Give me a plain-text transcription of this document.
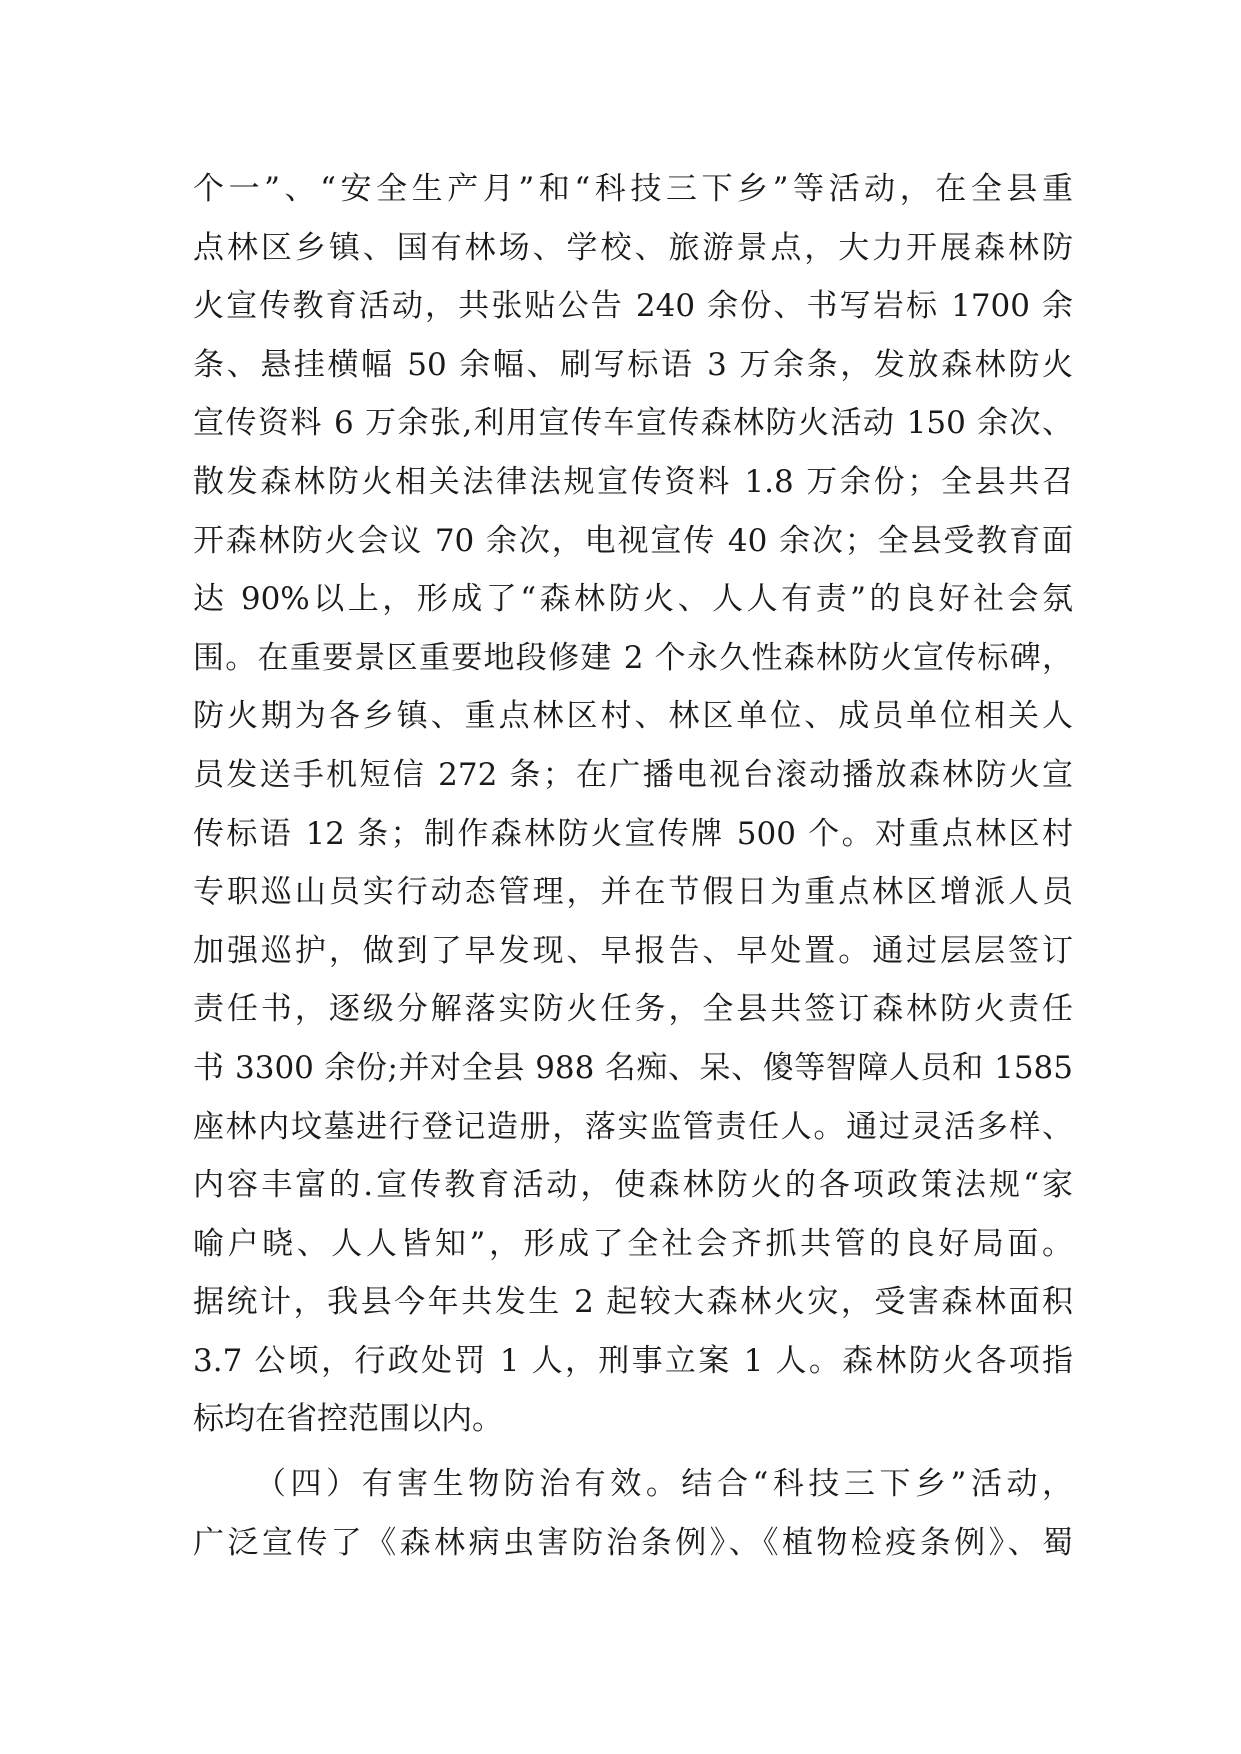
个一”、“安全生产月”和“科技三下乡”等活动，在全县重
点林区乡镇、国有林场、学校、旅游景点，大力开展森林防
火宣传教育活动，共张贴公告 240 余份、书写岩标 1700 余
条、悬挂横幅 50 余幅、刷写标语 3 万余条，发放森林防火
宣传资料 6 万余张,利用宣传车宣传森林防火活动 150 余次、
散发森林防火相关法律法规宣传资料 1.8 万余份；全县共召
开森林防火会议 70 余次，电视宣传 40 余次；全县受教育面
达 90%以上，形成了“森林防火、人人有责”的良好社会氛
围。在重要景区重要地段修建 2 个永久性森林防火宣传标碑，
防火期为各乡镇、重点林区村、林区单位、成员单位相关人
员发送手机短信 272 条；在广播电视台滚动播放森林防火宣
传标语 12 条；制作森林防火宣传牌 500 个。对重点林区村
专职巡山员实行动态管理，并在节假日为重点林区增派人员
加强巡护，做到了早发现、早报告、早处置。通过层层签订
责任书，逐级分解落实防火任务，全县共签订森林防火责任
书 3300 余份;并对全县 988 名痴、呆、傻等智障人员和 1585
座林内坟墓进行登记造册，落实监管责任人。通过灵活多样、
内容丰富的.宣传教育活动，使森林防火的各项政策法规“家
喻户晓、人人皆知”，形成了全社会齐抓共管的良好局面。
据统计，我县今年共发生 2 起较大森林火灾，受害森林面积
3.7 公顷，行政处罚 1 人，刑事立案 1 人。森林防火各项指
标均在省控范围以内。
（四）有害生物防治有效。结合“科技三下乡”活动，
广泛宣传了《森林病虫害防治条例》、《植物检疫条例》、蜀
